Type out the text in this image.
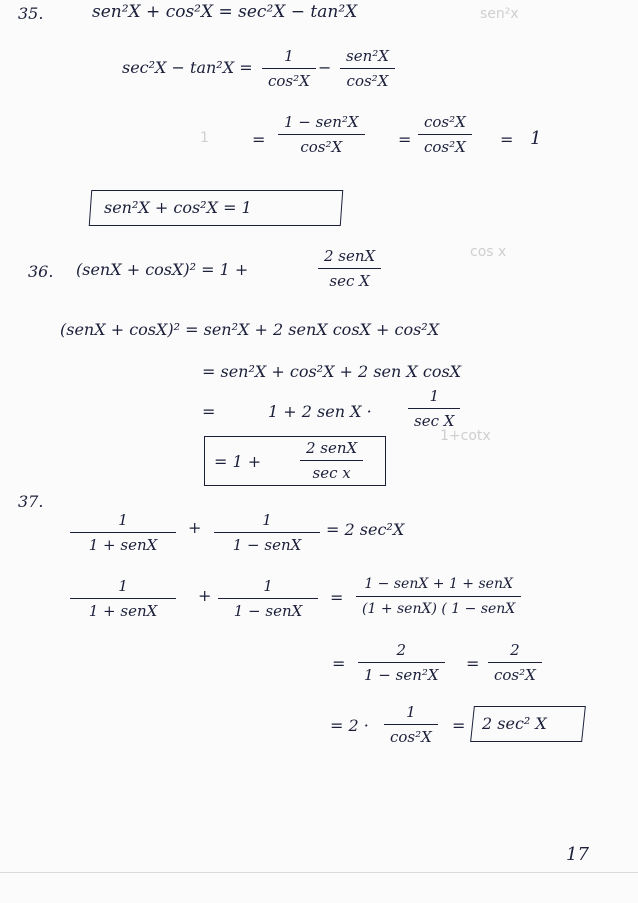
sen²x
cos x
1
1+cotx
35.	sen²X + cos²X = sec²X − tan²X
sec²X − tan²X =
1
cos²X
−
sen²X
cos²X
=
1 − sen²X
cos²X	=
cos²X
cos²X	= 1
sen²X + cos²X = 1
36. (senX + cosX)² = 1 +
2 senX
sec X
(senX + cosX)² = sen²X + 2 senX cosX + cos²X
= sen²X + cos²X + 2 sen X cosX
=	1 + 2 sen X ·
1
sec X
= 1 +
2 senX
sec x
37.
1
1 + senX
+	1
1 − senX
= 2 sec²X
1
1 + senX
+	1
1 − senX
=
1 − senX + 1 + senX
(1 + senX) ( 1 − senX
=
2
1 − sen²X
=
2
cos²X
= 2 ·
1
cos²X
= 2 sec² X
17
